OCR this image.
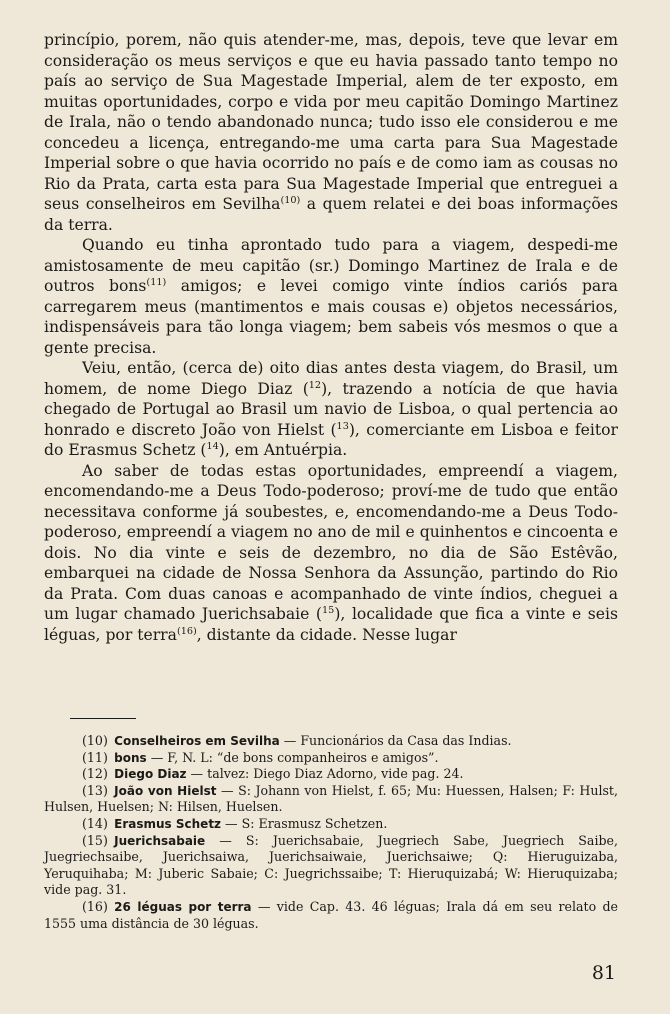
princípio, porem, não quis atender-me, mas, depois, teve que levar em consideração os meus serviços e que eu havia passado tanto tempo no país ao serviço de Sua Magestade Imperial, alem de ter exposto, em muitas oportunidades, corpo e vida por meu capitão Domingo Martinez de Irala, não o tendo abandonado nunca; tudo isso ele considerou e me concedeu a licença, entregando-me uma carta para Sua Magestade Imperial sobre o que havia ocorrido no país e de como iam as cousas no Rio da Prata, carta esta para Sua Magestade Imperial que entreguei a seus conselheiros em Sevilha$^{(10)}$ a quem relatei e dei boas informações da terra.

Quando eu tinha aprontado tudo para a viagem, despedi-me amistosamente de meu capitão (sr.) Domingo Martinez de Irala e de outros bons$^{(11)}$ amigos; e levei comigo vinte índios cariós para carregarem meus (mantimentos e mais cousas e) objetos necessários, indispensáveis para tão longa viagem; bem sabeis vós mesmos o que a gente precisa.

Veiu, então, (cerca de) oito dias antes desta viagem, do Brasil, um homem, de nome Diego Diaz ($^{12}$), trazendo a notícia de que havia chegado de Portugal ao Brasil um navio de Lisboa, o qual pertencia ao honrado e discreto João von Hielst ($^{13}$), comerciante em Lisboa e feitor do Erasmus Schetz ($^{14}$), em Antuérpia.

Ao saber de todas estas oportunidades, empreendí a viagem, encomendando-me a Deus Todo-poderoso; proví-me de tudo que então necessitava conforme já soubestes, e, encomendando-me a Deus Todo-poderoso, empreendí a viagem no ano de mil e quinhentos e cincoenta e dois. No dia vinte e seis de dezembro, no dia de São Estêvão, embarquei na cidade de Nossa Senhora da Assunção, partindo do Rio da Prata. Com duas canoas e acompanhado de vinte índios, cheguei a um lugar chamado Juerichsabaie ($^{15}$), localidade que fica a vinte e seis léguas, por terra$^{(16)}$, distante da cidade. Nesse lugar

(10)  Conselheiros em Sevilha — Funcionários da Casa das Indias.

(11)  bons — F, N. L: “de bons companheiros e amigos”.

(12)  Diego Diaz — talvez: Diego Diaz Adorno, vide pag. 24.

(13)  João von Hielst — S: Johann von Hielst, f. 65; Mu: Huessen, Halsen; F: Hulst, Hulsen, Huelsen; N: Hilsen, Huelsen.

(14)  Erasmus Schetz — S: Erasmusz Schetzen.

(15)  Juerichsabaie — S: Juerichsabaie, Juegriech Sabe, Juegriech Saibe, Juegriechsaibe, Juerichsaiwa, Juerichsaiwaie, Juerichsaiwe; Q: Hieruguizaba, Yeruquihaba; M: Juberic Sabaie; C: Juegrichssaibe; T: Hieruquizabá; W: Hieruquizaba; vide pag. 31.

(16)  26 léguas por terra — vide Cap. 43. 46 léguas; Irala dá em seu relato de 1555 uma distância de 30 léguas.

81
